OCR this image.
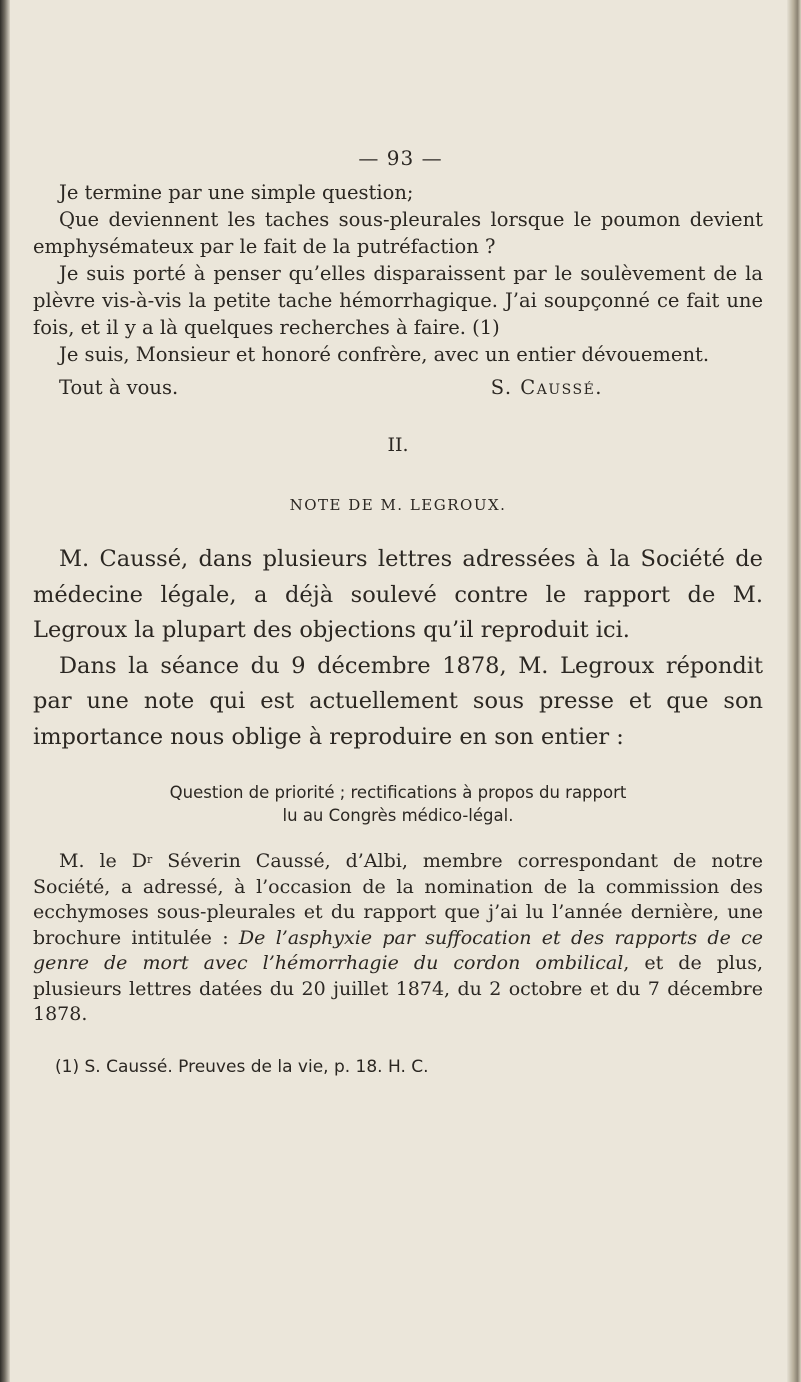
— 93 —

Je termine par une simple question;

Que deviennent les taches sous-pleurales lorsque le poumon devient emphysémateux par le fait de la putréfaction ?

Je suis porté à penser qu’elles disparaissent par le soulèvement de la plèvre vis-à-vis la petite tache hémorrhagique. J’ai soupçonné ce fait une fois, et il y a là quelques recherches à faire. (1)

Je suis, Monsieur et honoré confrère, avec un entier dévouement.

Tout à vous.	S. Caussé.
II.
NOTE DE M. LEGROUX.

M. Caussé, dans plusieurs lettres adressées à la Société de médecine légale, a déjà soulevé contre le rapport de M. Legroux la plupart des objections qu’il reproduit ici.

Dans la séance du 9 décembre 1878, M. Legroux répondit par une note qui est actuellement sous presse et que son importance nous oblige à reproduire en son entier :

Question de priorité ; rectifications à propos du rapport
lu au Congrès médico-légal.

M. le $D^r$ Séverin Caussé, d’Albi, membre correspondant de notre Société, a adressé, à l’occasion de la nomination de la commission des ecchymoses sous-pleurales et du rapport que j’ai lu l’année dernière, une brochure intitulée : De l’asphyxie par suffocation et des rapports de ce genre de mort avec l’hémorrhagie du cordon ombilical, et de plus, plusieurs lettres datées du 20 juillet 1874, du 2 octobre et du 7 décembre 1878.

(1) S. Caussé. Preuves de la vie, p. 18. H. C.
